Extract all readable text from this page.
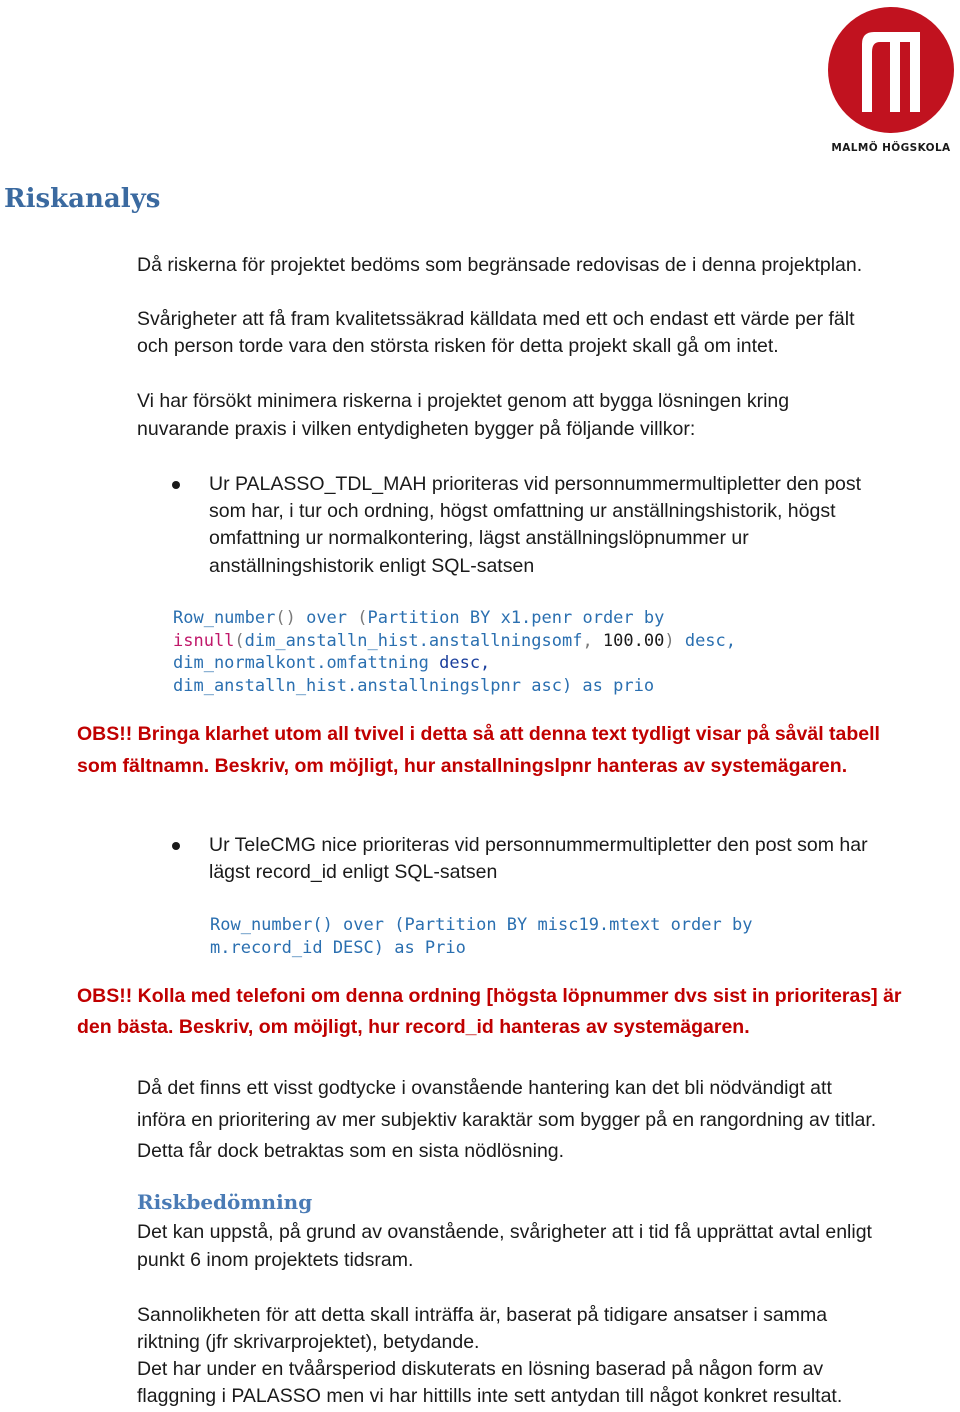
MALMÖ HÖGSKOLA
Riskanalys

Då riskerna för projektet bedöms som begränsade redovisas de i denna projektplan.

Svårigheter att få fram kvalitetssäkrad källdata med ett och endast ett värde per fält

och person torde vara den största risken för detta projekt skall gå om intet.

Vi har försökt minimera riskerna i projektet genom att bygga lösningen kring

nuvarande praxis i vilken entydigheten bygger på följande villkor:

Ur PALASSO_TDL_MAH prioriteras vid personnummermultipletter den post

som har, i tur och ordning, högst omfattning ur anställningshistorik, högst

omfattning ur normalkontering, lägst anställningslöpnummer ur

anställningshistorik enligt SQL-satsen

Row_number() over (Partition BY x1.penr order by

isnull(dim_anstalln_hist.anstallningsomf, 100.00) desc,

dim_normalkont.omfattning desc,

dim_anstalln_hist.anstallningslpnr asc) as prio

OBS!! Bringa klarhet utom all tvivel i detta så att denna text tydligt visar på såväl tabell

som fältnamn. Beskriv, om möjligt, hur anstallningslpnr hanteras av systemägaren.

Ur TeleCMG nice prioriteras vid personnummermultipletter den post som har

lägst record_id enligt SQL-satsen

Row_number() over (Partition BY misc19.mtext order by

m.record_id DESC) as Prio

OBS!! Kolla med telefoni om denna ordning [högsta löpnummer dvs sist in prioriteras] är

den bästa. Beskriv, om möjligt, hur record_id hanteras av systemägaren.

Då det finns ett visst godtycke i ovanstående hantering kan det bli nödvändigt att

införa en prioritering av mer subjektiv karaktär som bygger på en rangordning av titlar.

Detta får dock betraktas som en sista nödlösning.

Riskbedömning

Det kan uppstå, på grund av ovanstående, svårigheter att i tid få upprättat avtal enligt

punkt 6 inom projektets tidsram.

Sannolikheten för att detta skall inträffa är, baserat på tidigare ansatser i samma

riktning (jfr skrivarprojektet), betydande.

Det har under en tvåårsperiod diskuterats en lösning baserad på någon form av

flaggning i PALASSO men vi har hittills inte sett antydan till något konkret resultat.
